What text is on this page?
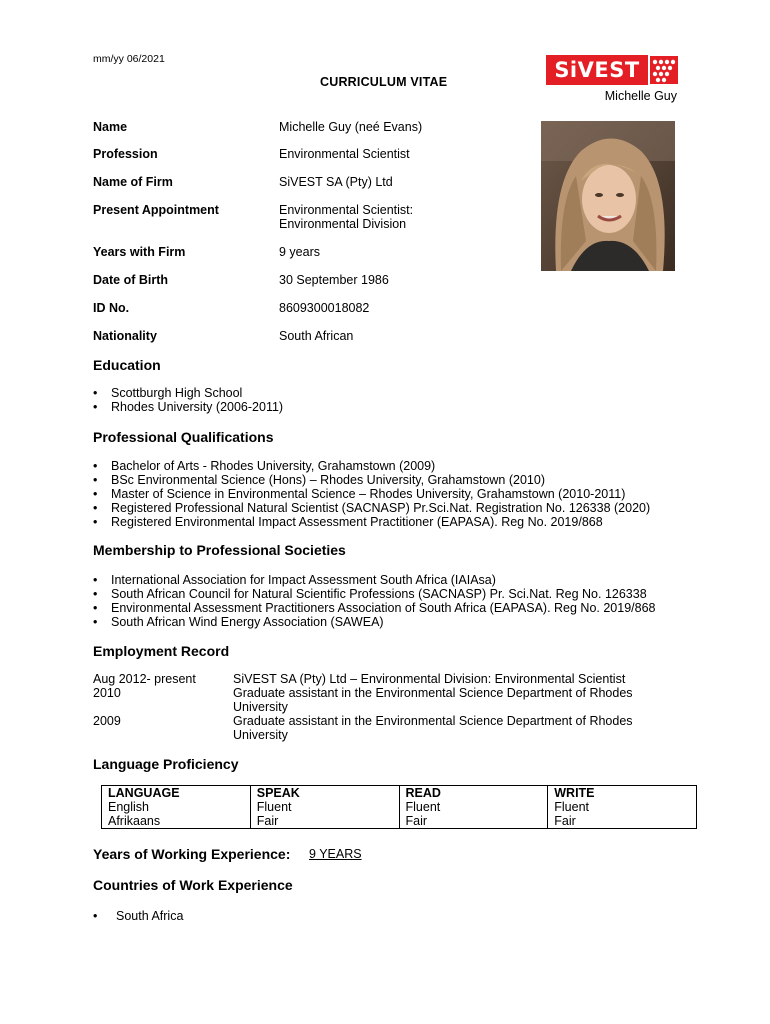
mm/yy 06/2021
CURRICULUM VITAE
Michelle Guy
SiVEST
Name	Michelle Guy (neé Evans)
Profession	Environmental Scientist
Name of Firm	SiVEST SA (Pty) Ltd
Present Appointment	Environmental Scientist:
Environmental Division
Years with Firm	9 years
Date of Birth	30 September 1986
ID No.	8609300018082
Nationality	South African
Education
• Scottburgh High School
• Rhodes University (2006-2011)
Professional Qualifications
• Bachelor of Arts - Rhodes University, Grahamstown (2009)
• BSc Environmental Science (Hons) – Rhodes University, Grahamstown (2010)
• Master of Science in Environmental Science – Rhodes University, Grahamstown (2010-2011)
• Registered Professional Natural Scientist (SACNASP) Pr.Sci.Nat. Registration No. 126338 (2020)
• Registered Environmental Impact Assessment Practitioner (EAPASA). Reg No. 2019/868
Membership to Professional Societies
• International Association for Impact Assessment South Africa (IAIAsa)
• South African Council for Natural Scientific Professions (SACNASP) Pr. Sci.Nat. Reg No. 126338
• Environmental Assessment Practitioners Association of South Africa (EAPASA). Reg No. 2019/868
• South African Wind Energy Association (SAWEA)
Employment Record
Aug 2012- present	SiVEST SA (Pty) Ltd – Environmental Division: Environmental Scientist
2010	Graduate assistant in the Environmental Science Department of Rhodes University
2009	Graduate assistant in the Environmental Science Department of Rhodes University
Language Proficiency
LANGUAGE	SPEAK	READ	WRITE
English	Fluent	Fluent	Fluent
Afrikaans	Fair	Fair	Fair
Years of Working Experience: 9 YEARS
Countries of Work Experience
• South Africa
